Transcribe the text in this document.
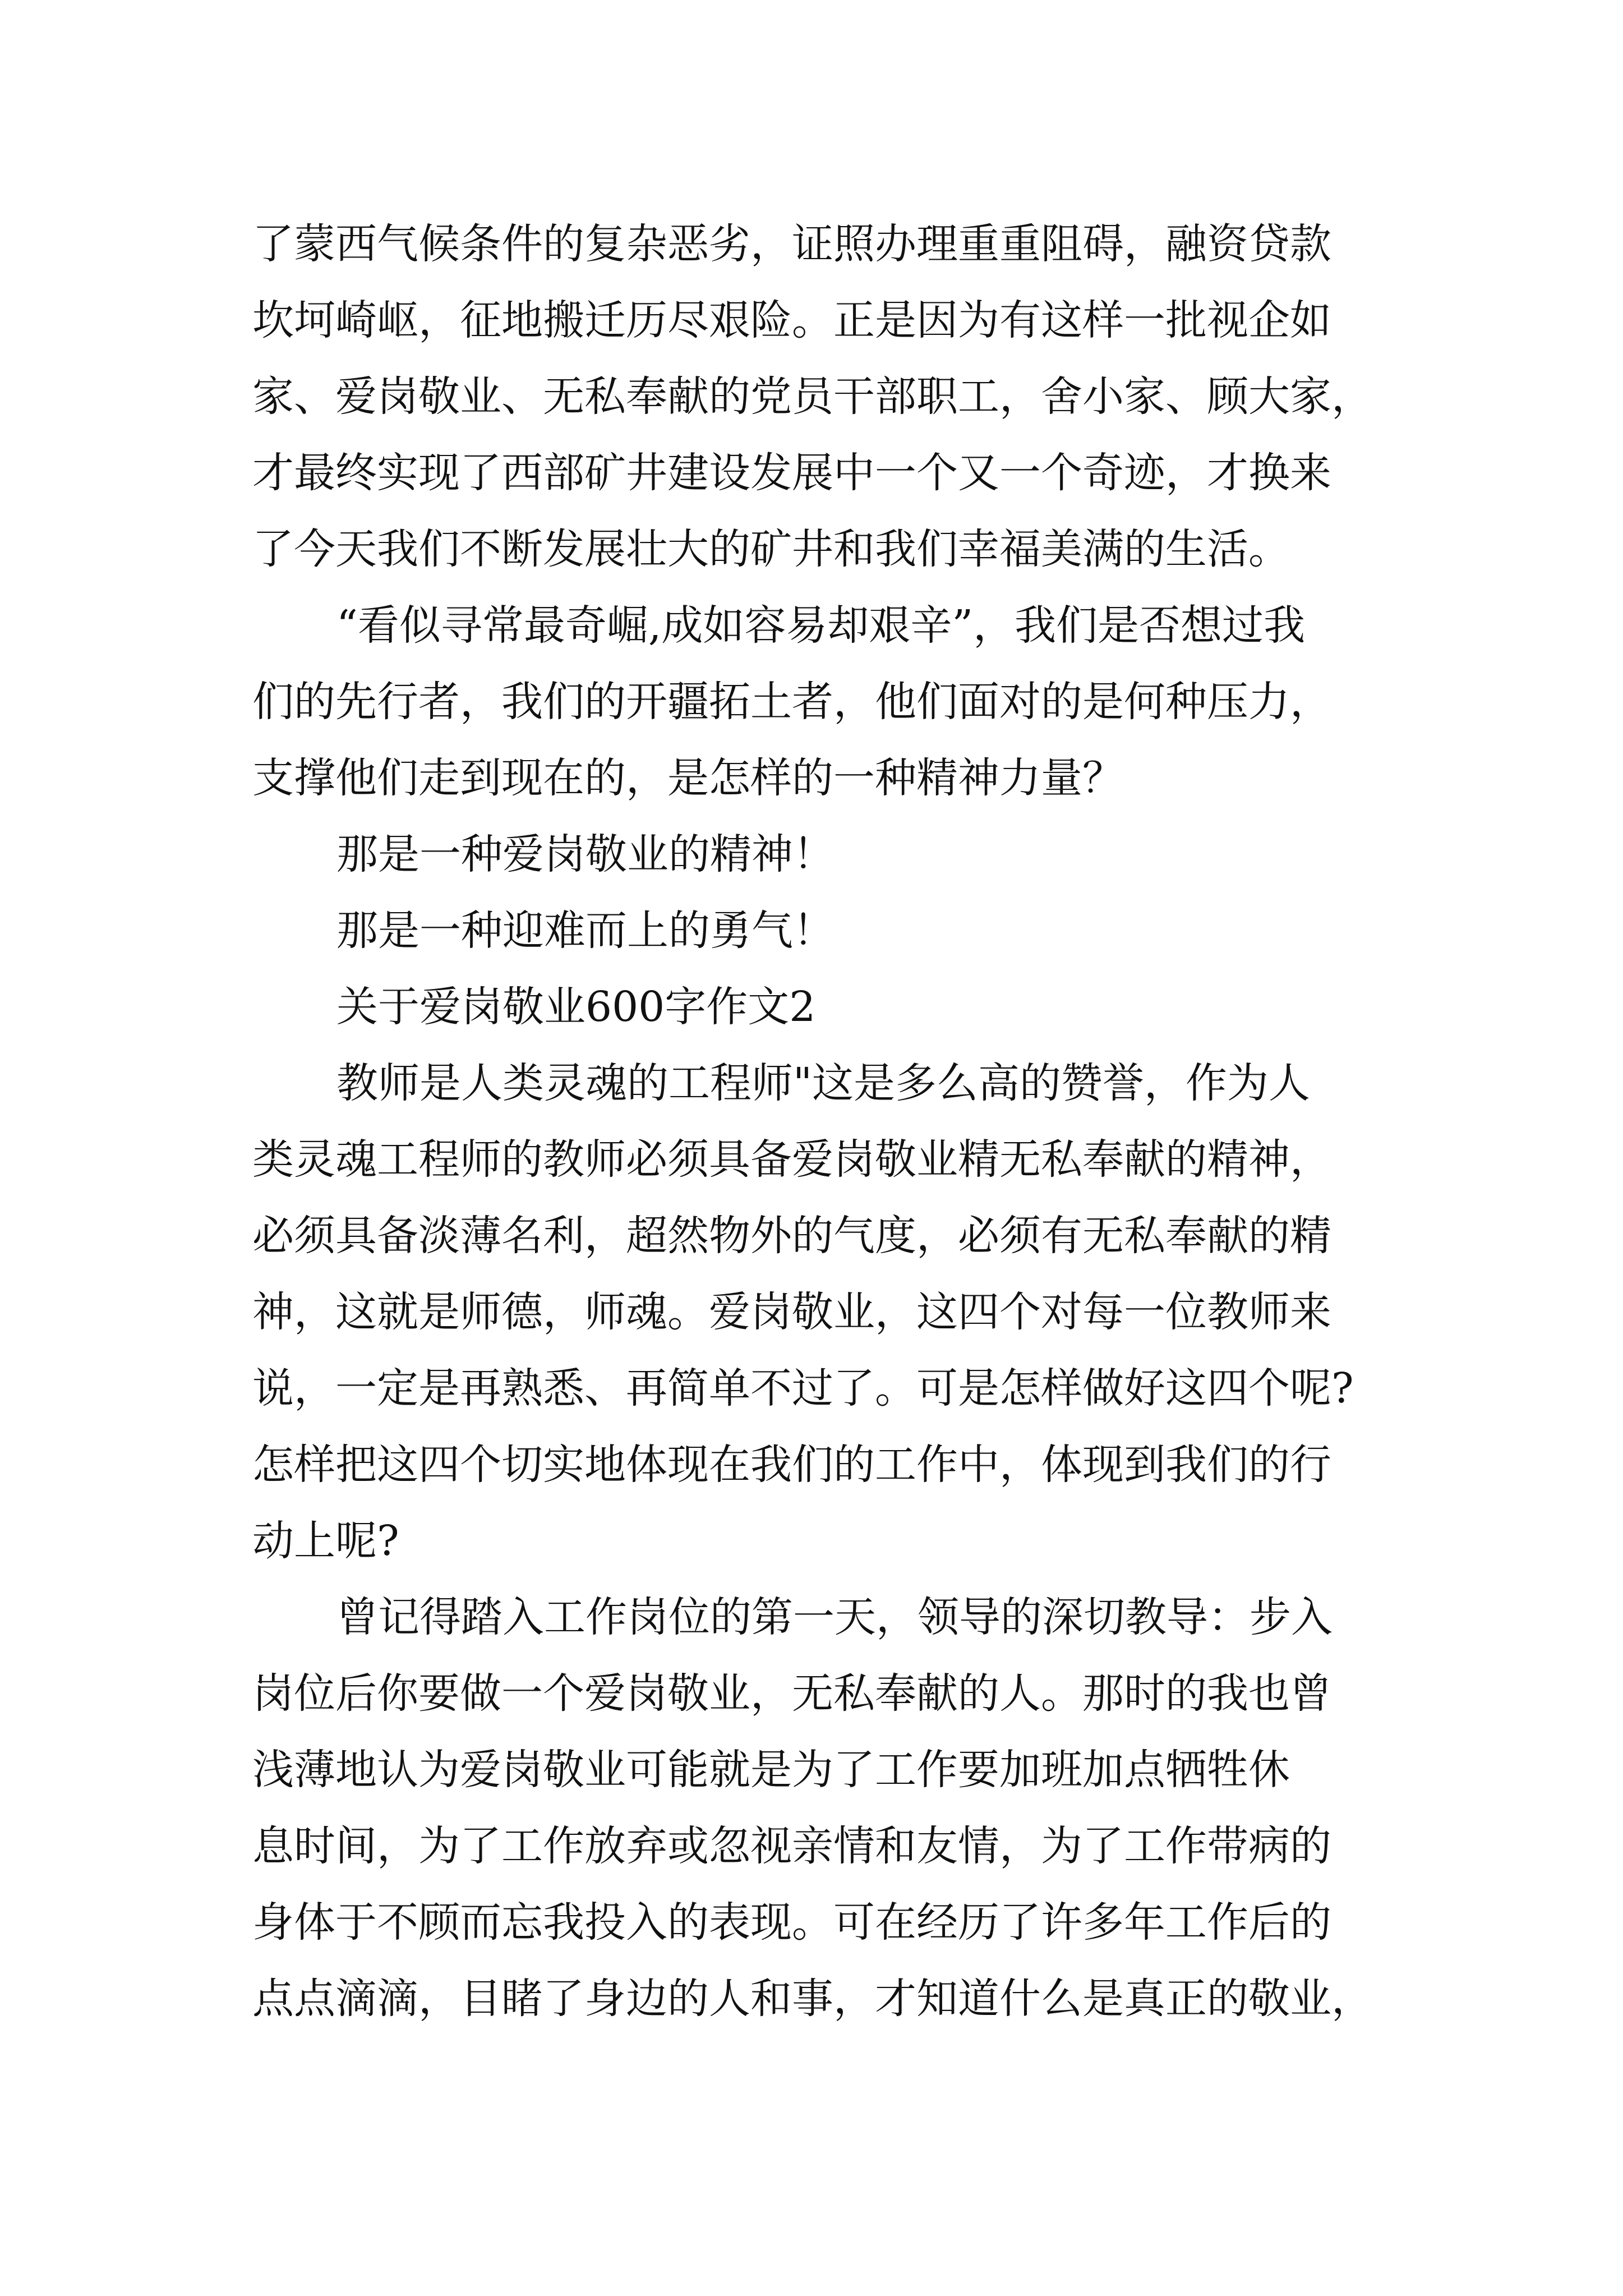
了蒙西气候条件的复杂恶劣，证照办理重重阻碍，融资贷款
坎坷崎岖，征地搬迁历尽艰险。正是因为有这样一批视企如
家、爱岗敬业、无私奉献的党员干部职工，舍小家、顾大家，
才最终实现了西部矿井建设发展中一个又一个奇迹，才换来
了今天我们不断发展壮大的矿井和我们幸福美满的生活。
“看似寻常最奇崛,成如容易却艰辛”，我们是否想过我
们的先行者，我们的开疆拓土者，他们面对的是何种压力，
支撑他们走到现在的，是怎样的一种精神力量？
那是一种爱岗敬业的精神！
那是一种迎难而上的勇气！
关于爱岗敬业600字作文2
教师是人类灵魂的工程师"这是多么高的赞誉，作为人
类灵魂工程师的教师必须具备爱岗敬业精无私奉献的精神，
必须具备淡薄名利，超然物外的气度，必须有无私奉献的精
神，这就是师德，师魂。爱岗敬业，这四个对每一位教师来
说，一定是再熟悉、再简单不过了。可是怎样做好这四个呢?
怎样把这四个切实地体现在我们的工作中，体现到我们的行
动上呢?
曾记得踏入工作岗位的第一天，领导的深切教导：步入
岗位后你要做一个爱岗敬业，无私奉献的人。那时的我也曾
浅薄地认为爱岗敬业可能就是为了工作要加班加点牺牲休
息时间，为了工作放弃或忽视亲情和友情，为了工作带病的
身体于不顾而忘我投入的表现。可在经历了许多年工作后的
点点滴滴，目睹了身边的人和事，才知道什么是真正的敬业，
